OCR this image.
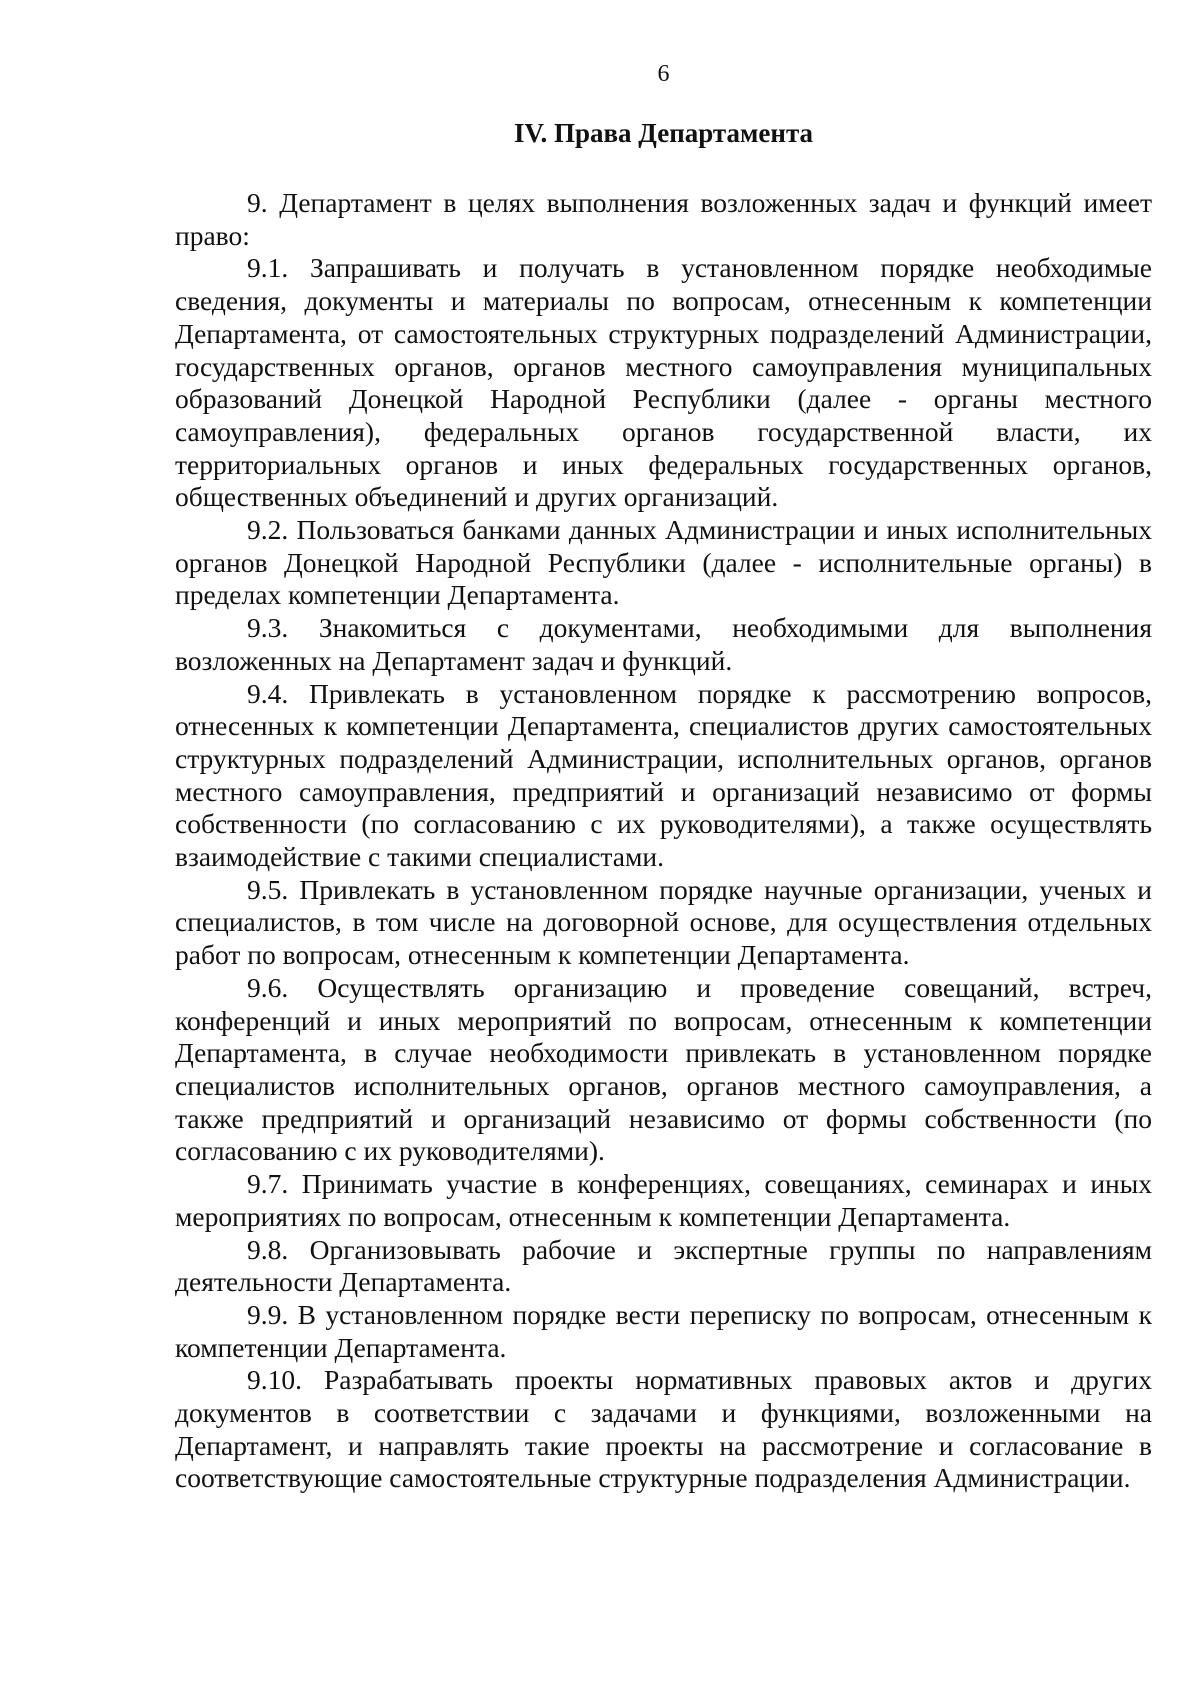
6
IV. Права Департамента

9. Департамент в целях выполнения возложенных задач и функций имеет право:

9.1. Запрашивать и получать в установленном порядке необходимые сведения, документы и материалы по вопросам, отнесенным к компетенции Департамента, от самостоятельных структурных подразделений Администрации, государственных органов, органов местного самоуправления муниципальных образований Донецкой Народной Республики (далее - органы местного самоуправления), федеральных органов государственной власти, их территориальных органов и иных федеральных государственных органов, общественных объединений и других организаций.

9.2. Пользоваться банками данных Администрации и иных исполнительных органов Донецкой Народной Республики (далее - исполнительные органы) в пределах компетенции Департамента.

9.3. Знакомиться с документами, необходимыми для выполнения возложенных на Департамент задач и функций.

9.4. Привлекать в установленном порядке к рассмотрению вопросов, отнесенных к компетенции Департамента, специалистов других самостоятельных структурных подразделений Администрации, исполнительных органов, органов местного самоуправления, предприятий и организаций независимо от формы собственности (по согласованию с их руководителями), а также осуществлять взаимодействие с такими специалистами.

9.5. Привлекать в установленном порядке научные организации, ученых и специалистов, в том числе на договорной основе, для осуществления отдельных работ по вопросам, отнесенным к компетенции Департамента.

9.6. Осуществлять организацию и проведение совещаний, встреч, конференций и иных мероприятий по вопросам, отнесенным к компетенции Департамента, в случае необходимости привлекать в установленном порядке специалистов исполнительных органов, органов местного самоуправления, а также предприятий и организаций независимо от формы собственности (по согласованию с их руководителями).

9.7. Принимать участие в конференциях, совещаниях, семинарах и иных мероприятиях по вопросам, отнесенным к компетенции Департамента.

9.8. Организовывать рабочие и экспертные группы по направлениям деятельности Департамента.

9.9. В установленном порядке вести переписку по вопросам, отнесенным к компетенции Департамента.

9.10. Разрабатывать проекты нормативных правовых актов и других документов в соответствии с задачами и функциями, возложенными на Департамент, и направлять такие проекты на рассмотрение и согласование в соответствующие самостоятельные структурные подразделения Администрации.
